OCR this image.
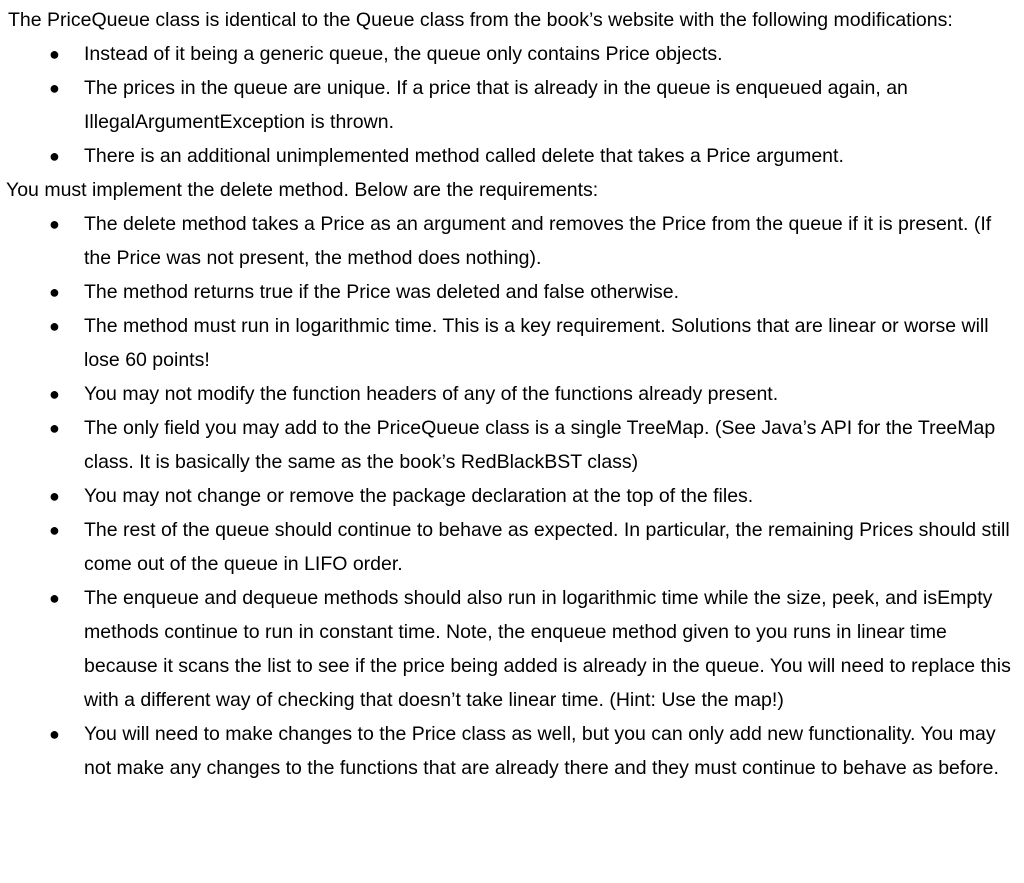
The PriceQueue class is identical to the Queue class from the book’s website with the following modifications:

● Instead of it being a generic queue, the queue only contains Price objects.
● The prices in the queue are unique. If a price that is already in the queue is enqueued again, an IllegalArgumentException is thrown.
● There is an additional unimplemented method called delete that takes a Price argument.

You must implement the delete method. Below are the requirements:

● The delete method takes a Price as an argument and removes the Price from the queue if it is present. (If the Price was not present, the method does nothing).
● The method returns true if the Price was deleted and false otherwise.
● The method must run in logarithmic time. This is a key requirement. Solutions that are linear or worse will lose 60 points!
● You may not modify the function headers of any of the functions already present.
● The only field you may add to the PriceQueue class is a single TreeMap. (See Java’s API for the TreeMap class. It is basically the same as the book’s RedBlackBST class)
● You may not change or remove the package declaration at the top of the files.
● The rest of the queue should continue to behave as expected. In particular, the remaining Prices should still come out of the queue in LIFO order.
● The enqueue and dequeue methods should also run in logarithmic time while the size, peek, and isEmpty methods continue to run in constant time. Note, the enqueue method given to you runs in linear time because it scans the list to see if the price being added is already in the queue. You will need to replace this with a different way of checking that doesn’t take linear time. (Hint: Use the map!)
● You will need to make changes to the Price class as well, but you can only add new functionality. You may not make any changes to the functions that are already there and they must continue to behave as before.
